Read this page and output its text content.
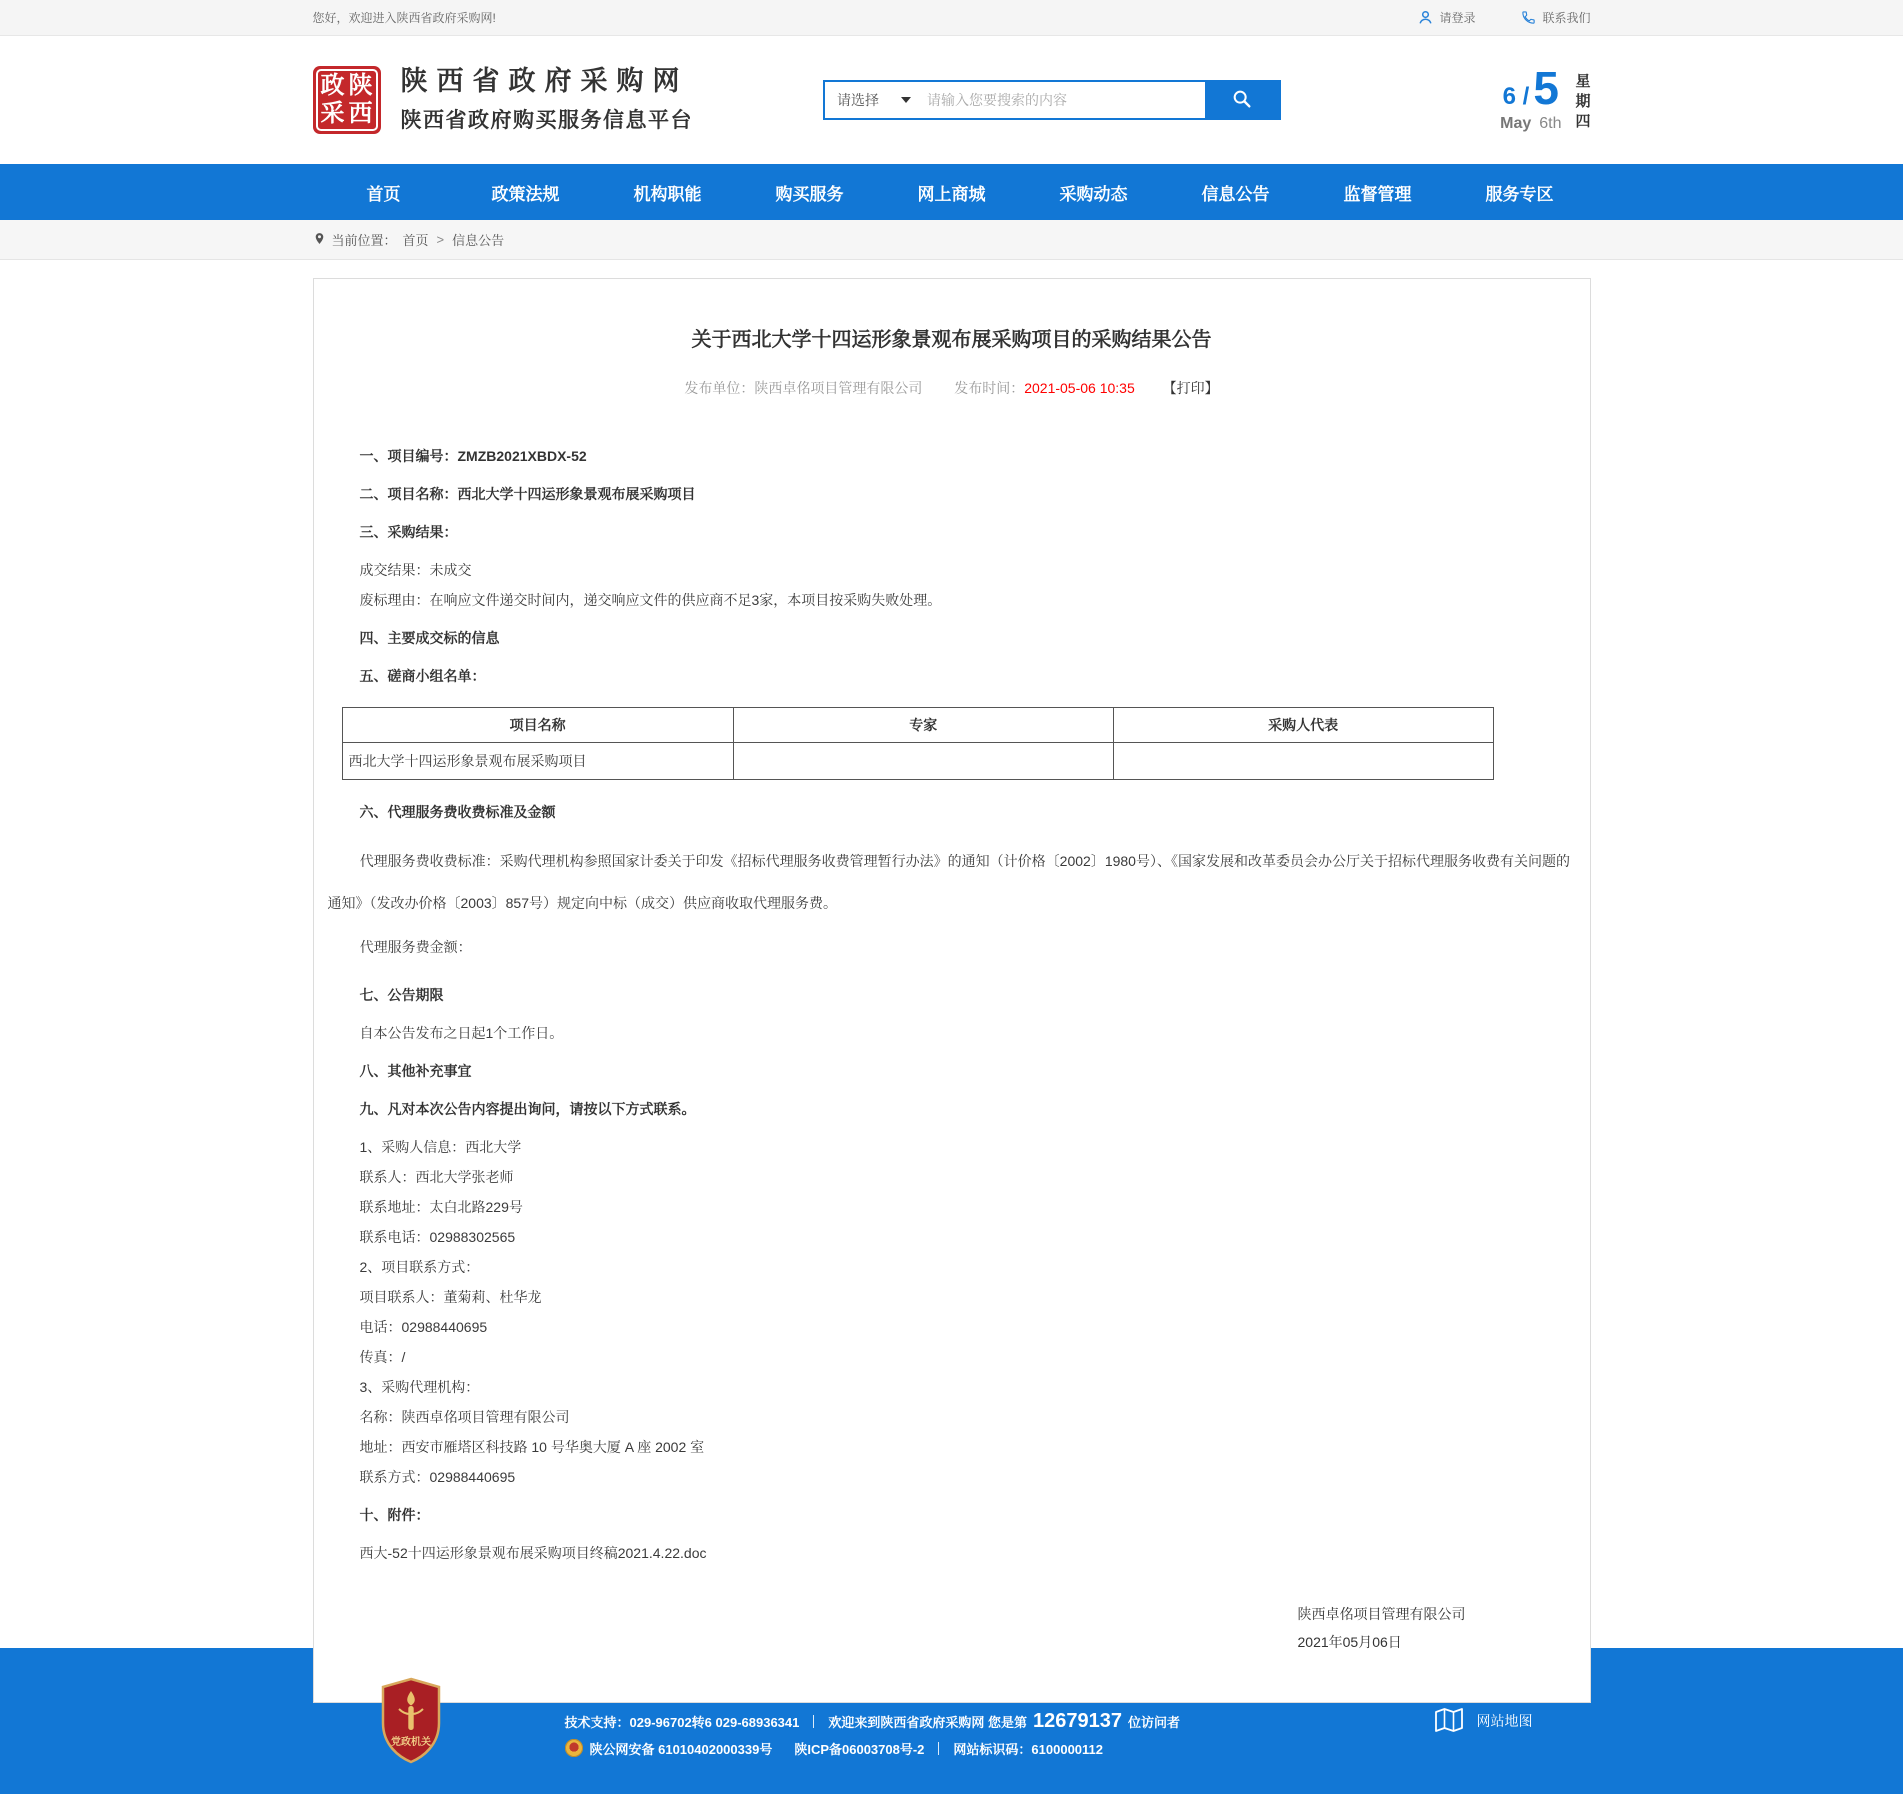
您好，欢迎进入陕西省政府采购网!	请登录	联系我们
政 陕
采 西
陕西省政府采购网
陕西省政府购买服务信息平台
请选择
请输入您要搜索的内容	6 / 5
May 6th
星
期
四
首页	政策法规	机构职能	购买服务	网上商城	采购动态	信息公告	监督管理	服务专区
当前位置： 首页 > 信息公告
关于西北大学十四运形象景观布展采购项目的采购结果公告
发布单位：陕西卓佲项目管理有限公司 发布时间：2021-05-06 10:35 【打印】
一、项目编号：ZMZB2021XBDX-52
二、项目名称：西北大学十四运形象景观布展采购项目
三、采购结果：
成交结果：未成交
废标理由：在响应文件递交时间内，递交响应文件的供应商不足3家，本项目按采购失败处理。
四、主要成交标的信息
五、磋商小组名单：
项目名称	专家	采购人代表
西北大学十四运形象景观布展采购项目		
六、代理服务费收费标准及金额
代理服务费收费标准：采购代理机构参照国家计委关于印发《招标代理服务收费管理暂行办法》的通知（计价格〔2002〕1980号）、《国家发展和改革委员会办公厅关于招标代理服务收费有关问题的通知》（发改办价格〔2003〕857号）规定向中标（成交）供应商收取代理服务费。
代理服务费金额：
七、公告期限
自本公告发布之日起1个工作日。
八、其他补充事宜
九、凡对本次公告内容提出询问，请按以下方式联系。
1、采购人信息：西北大学
联系人：西北大学张老师
联系地址：太白北路229号
联系电话：02988302565
2、项目联系方式：
项目联系人：董菊莉、杜华龙
电话：02988440695
传真：/
3、采购代理机构：
名称：陕西卓佲项目管理有限公司
地址：西安市雁塔区科技路 10 号华奥大厦 A 座 2002 室
联系方式：02988440695
十、附件：
西大-52十四运形象景观布展采购项目终稿2021.4.22.doc
陕西卓佲项目管理有限公司
2021年05月06日
党政机关
陕西省财政厅政府采购管理处主办 陕西省财政厅信息化建设管理处承办
技术支持：029-96702转6 029-68936341 欢迎来到陕西省政府采购网 您是第 12679137 位访问者
陕公网安备 61010402000339号 陕ICP备06003708号-2 网站标识码：6100000112
网站地图
